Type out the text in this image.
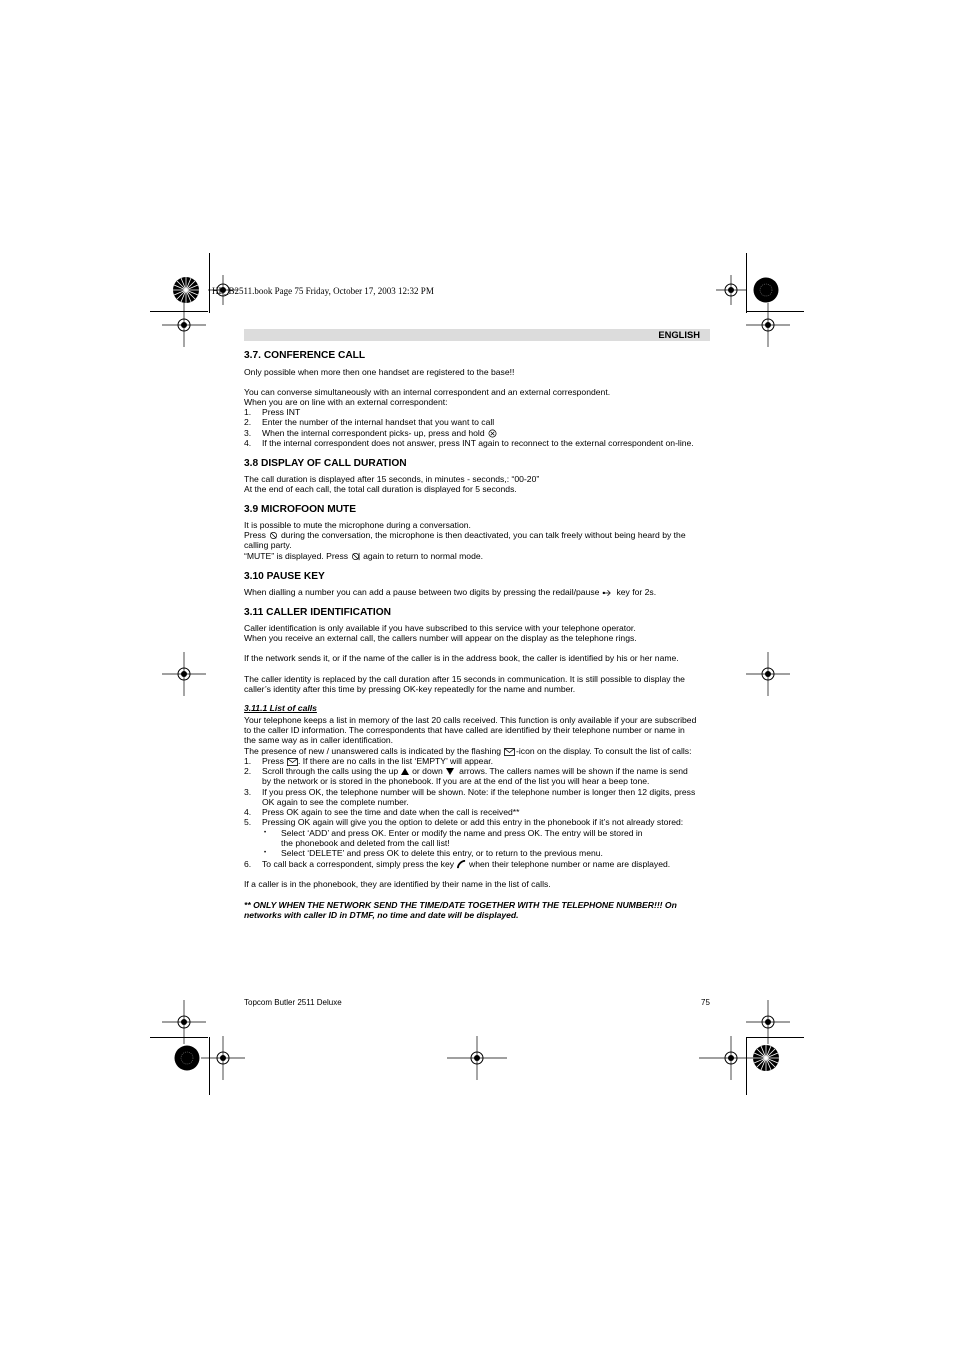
HL_B2511.book Page 75 Friday, October 17, 2003 12:32 PM
ENGLISH
3.7. CONFERENCE CALL
Only possible when more then one handset are registered to the base!!
You can converse simultaneously with an internal correspondent and an external correspondent.
When you are on line with an external correspondent:
1. Press INT
2. Enter the number of the internal handset that you want to call
3. When the internal correspondent picks- up, press and hold
4. If the internal correspondent does not answer, press INT again to reconnect to the external correspondent on-line.
3.8 DISPLAY OF CALL DURATION
The call duration is displayed after 15 seconds, in minutes - seconds,: “00-20”
At the end of each call, the total call duration is displayed for 5 seconds.
3.9 MICROFOON MUTE
It is possible to mute the microphone during a conversation.
Press during the conversation, the microphone is then deactivated, you can talk freely without being heard by the
calling party.
“MUTE” is displayed. Press again to return to normal mode.
3.10 PAUSE KEY
When dialling a number you can add a pause between two digits by pressing the redail/pause key for 2s.
3.11 CALLER IDENTIFICATION
Caller identification is only available if you have subscribed to this service with your telephone operator.
When you receive an external call, the callers number will appear on the display as the telephone rings.
If the network sends it, or if the name of the caller is in the address book, the caller is identified by his or her name.
The caller identity is replaced by the call duration after 15 seconds in communication. It is still possible to display the
caller’s identity after this time by pressing OK-key repeatedly for the name and number.
3.11.1 List of calls
Your telephone keeps a list in memory of the last 20 calls received. This function is only available if your are subscribed
to the caller ID information. The correspondents that have called are identified by their telephone number or name in
the same way as in caller identification.
The presence of new / unanswered calls is indicated by the flashing -icon on the display. To consult the list of calls:
1. Press . If there are no calls in the list ‘EMPTY’ will appear.
2. Scroll through the calls using the up or down arrows. The callers names will be shown if the name is send
by the network or is stored in the phonebook. If you are at the end of the list you will hear a beep tone.
3. If you press OK, the telephone number will be shown. Note: if the telephone number is longer then 12 digits, press
OK again to see the complete number.
4. Press OK again to see the time and date when the call is received**
5. Pressing OK again will give you the option to delete or add this entry in the phonebook if it’s not already stored:
• Select ‘ADD’ and press OK. Enter or modify the name and press OK. The entry will be stored in
the phonebook and deleted from the call list!
• Select ‘DELETE’ and press OK to delete this entry, or to return to the previous menu.
6. To call back a correspondent, simply press the key when their telephone number or name are displayed.
If a caller is in the phonebook, they are identified by their name in the list of calls.
** ONLY WHEN THE NETWORK SEND THE TIME/DATE TOGETHER WITH THE TELEPHONE NUMBER!!! On
networks with caller ID in DTMF, no time and date will be displayed.
Topcom Butler 2511 Deluxe	75
